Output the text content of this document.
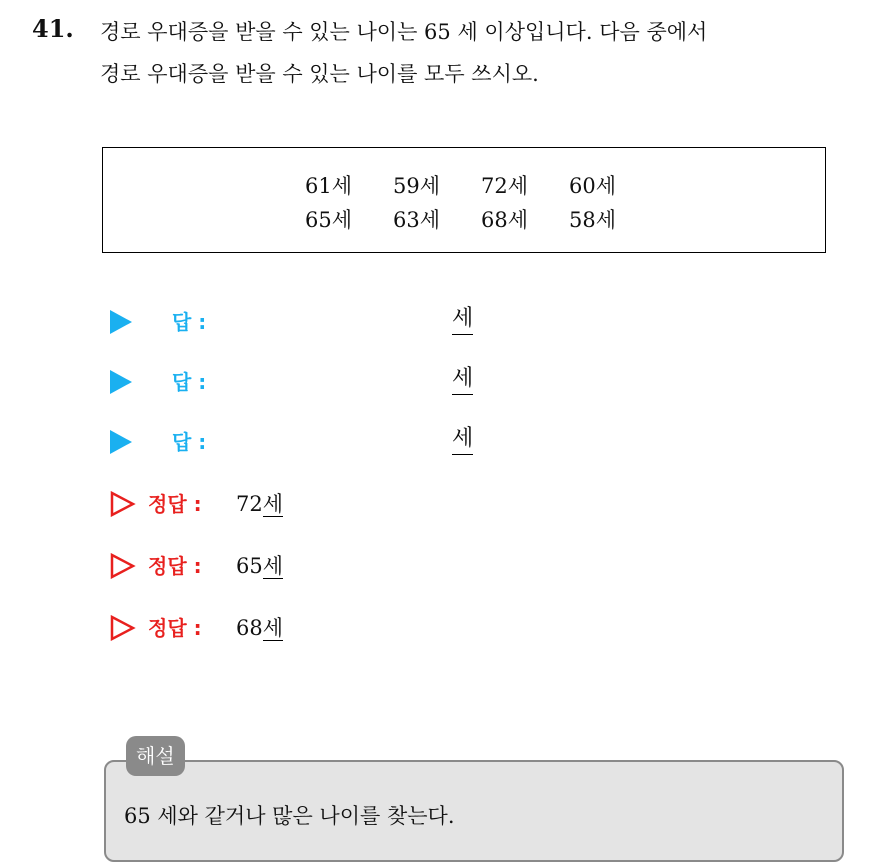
41. 경로 우대증을 받을 수 있는 나이는 65 세 이상입니다. 다음 중에서
경로 우대증을 받을 수 있는 나이를 모두 쓰시오.
61세 59세 72세 60세
65세 63세 68세 58세
답 :	세
답 :	세
답 :	세
정답 : 72세
정답 : 65세
정답 : 68세
해설
65 세와 같거나 많은 나이를 찾는다.
